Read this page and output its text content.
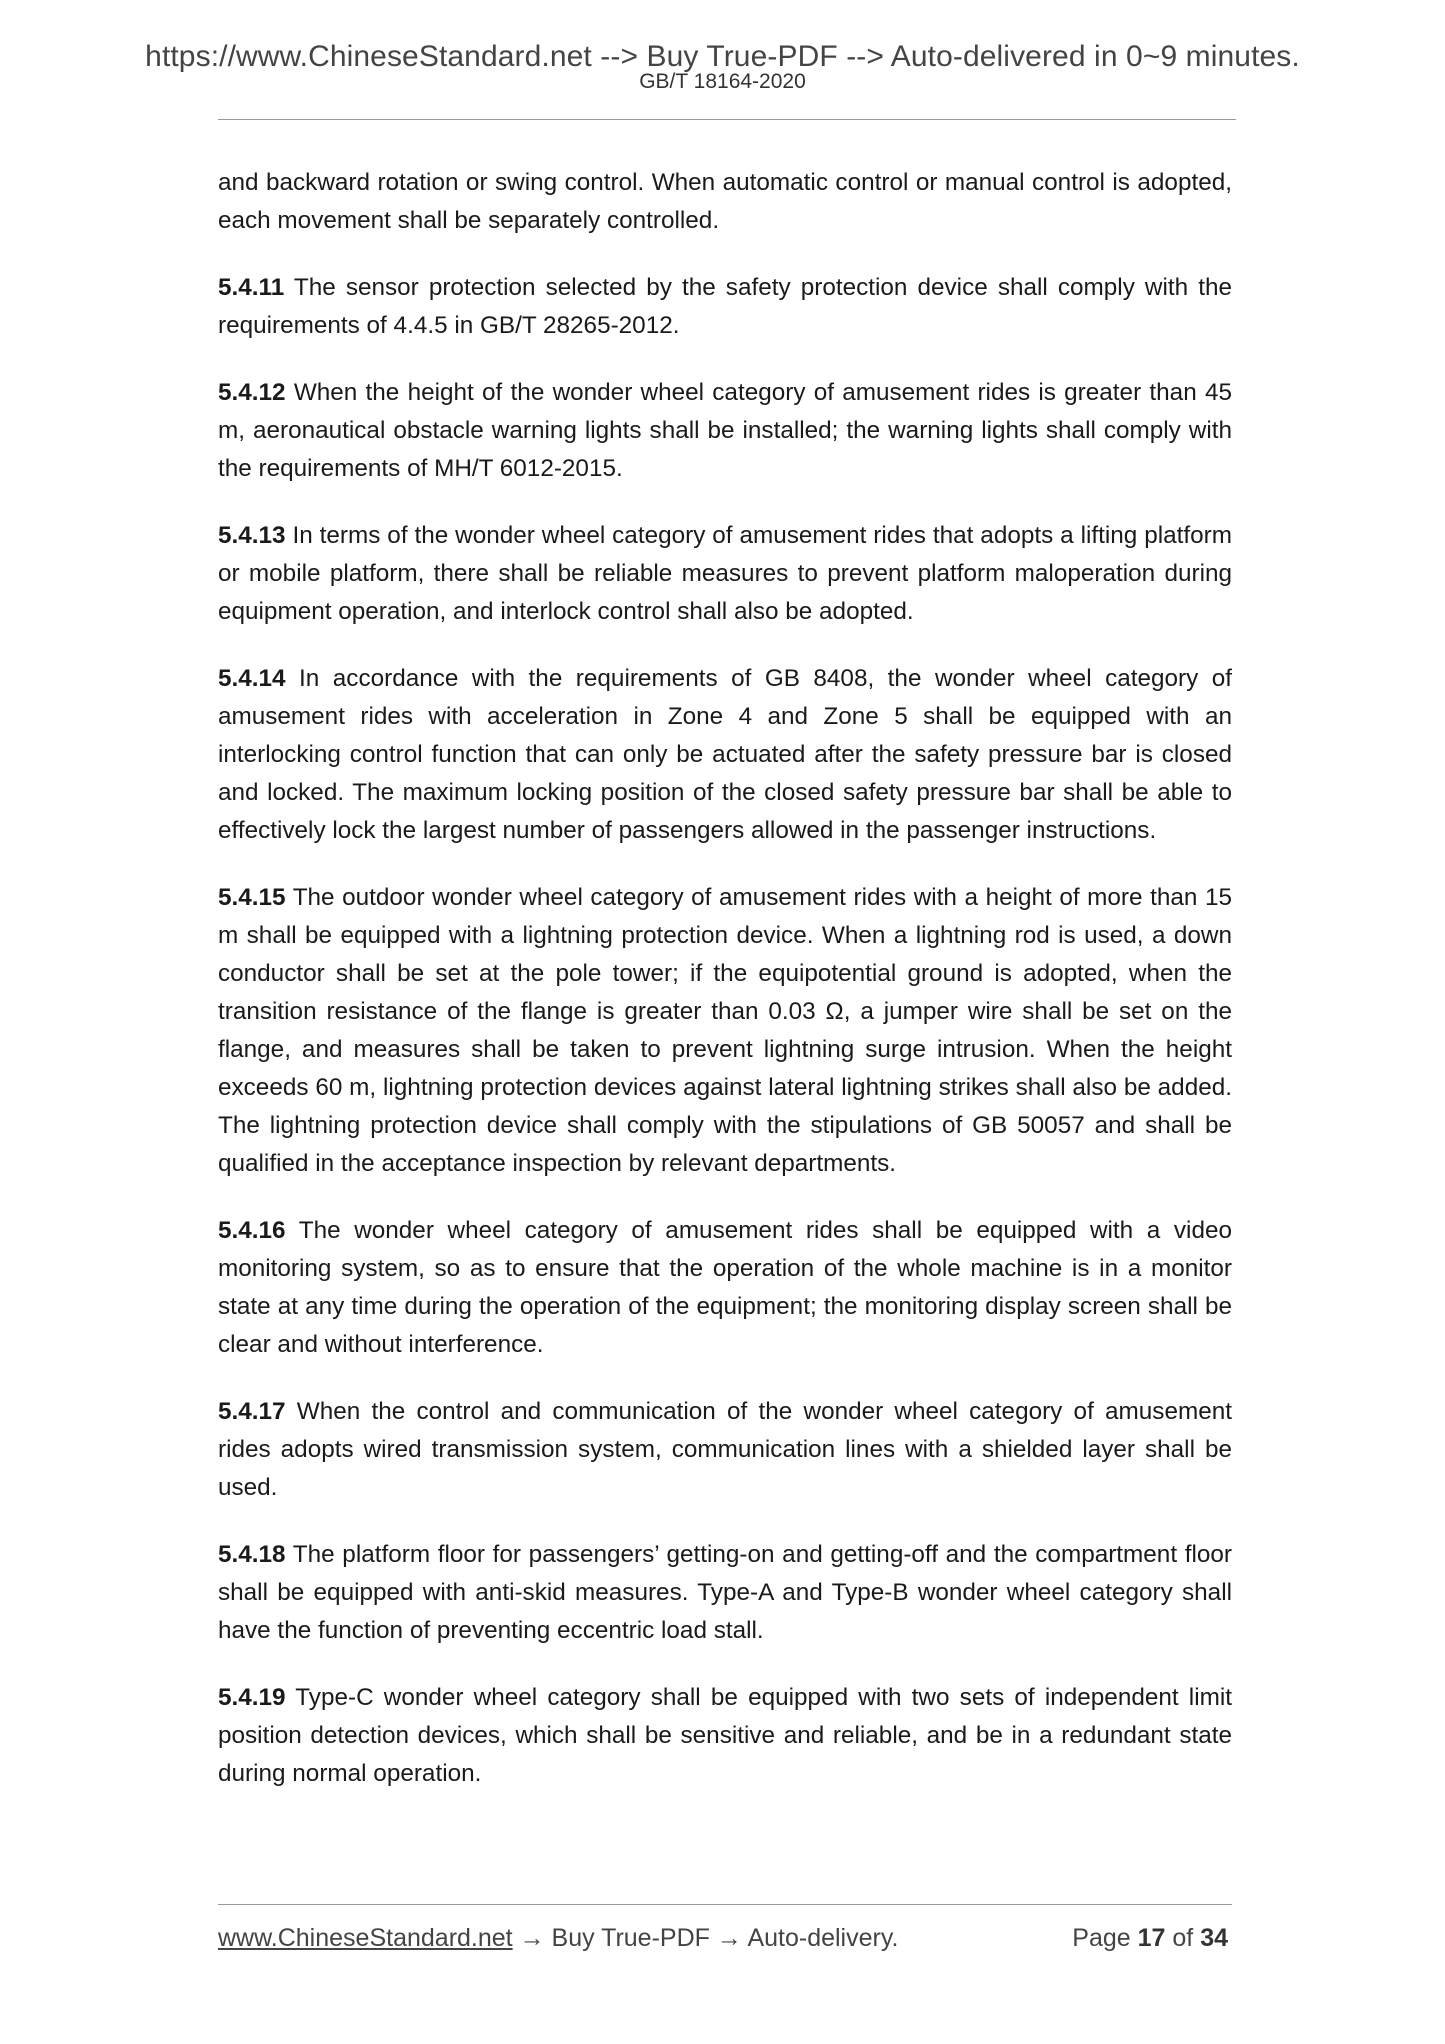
https://www.ChineseStandard.net --> Buy True-PDF --> Auto-delivered in 0~9 minutes.
GB/T 18164-2020

and backward rotation or swing control. When automatic control or manual control is adopted, each movement shall be separately controlled.

5.4.11 The sensor protection selected by the safety protection device shall comply with the requirements of 4.4.5 in GB/T 28265-2012.

5.4.12 When the height of the wonder wheel category of amusement rides is greater than 45 m, aeronautical obstacle warning lights shall be installed; the warning lights shall comply with the requirements of MH/T 6012-2015.

5.4.13 In terms of the wonder wheel category of amusement rides that adopts a lifting platform or mobile platform, there shall be reliable measures to prevent platform maloperation during equipment operation, and interlock control shall also be adopted.

5.4.14 In accordance with the requirements of GB 8408, the wonder wheel category of amusement rides with acceleration in Zone 4 and Zone 5 shall be equipped with an interlocking control function that can only be actuated after the safety pressure bar is closed and locked. The maximum locking position of the closed safety pressure bar shall be able to effectively lock the largest number of passengers allowed in the passenger instructions.

5.4.15 The outdoor wonder wheel category of amusement rides with a height of more than 15 m shall be equipped with a lightning protection device. When a lightning rod is used, a down conductor shall be set at the pole tower; if the equipotential ground is adopted, when the transition resistance of the flange is greater than 0.03 Ω, a jumper wire shall be set on the flange, and measures shall be taken to prevent lightning surge intrusion. When the height exceeds 60 m, lightning protection devices against lateral lightning strikes shall also be added. The lightning protection device shall comply with the stipulations of GB 50057 and shall be qualified in the acceptance inspection by relevant departments.

5.4.16 The wonder wheel category of amusement rides shall be equipped with a video monitoring system, so as to ensure that the operation of the whole machine is in a monitor state at any time during the operation of the equipment; the monitoring display screen shall be clear and without interference.

5.4.17 When the control and communication of the wonder wheel category of amusement rides adopts wired transmission system, communication lines with a shielded layer shall be used.

5.4.18 The platform floor for passengers’ getting-on and getting-off and the compartment floor shall be equipped with anti-skid measures. Type-A and Type-B wonder wheel category shall have the function of preventing eccentric load stall.

5.4.19 Type-C wonder wheel category shall be equipped with two sets of independent limit position detection devices, which shall be sensitive and reliable, and be in a redundant state during normal operation.

www.ChineseStandard.net → Buy True-PDF → Auto-delivery.	Page 17 of 34
